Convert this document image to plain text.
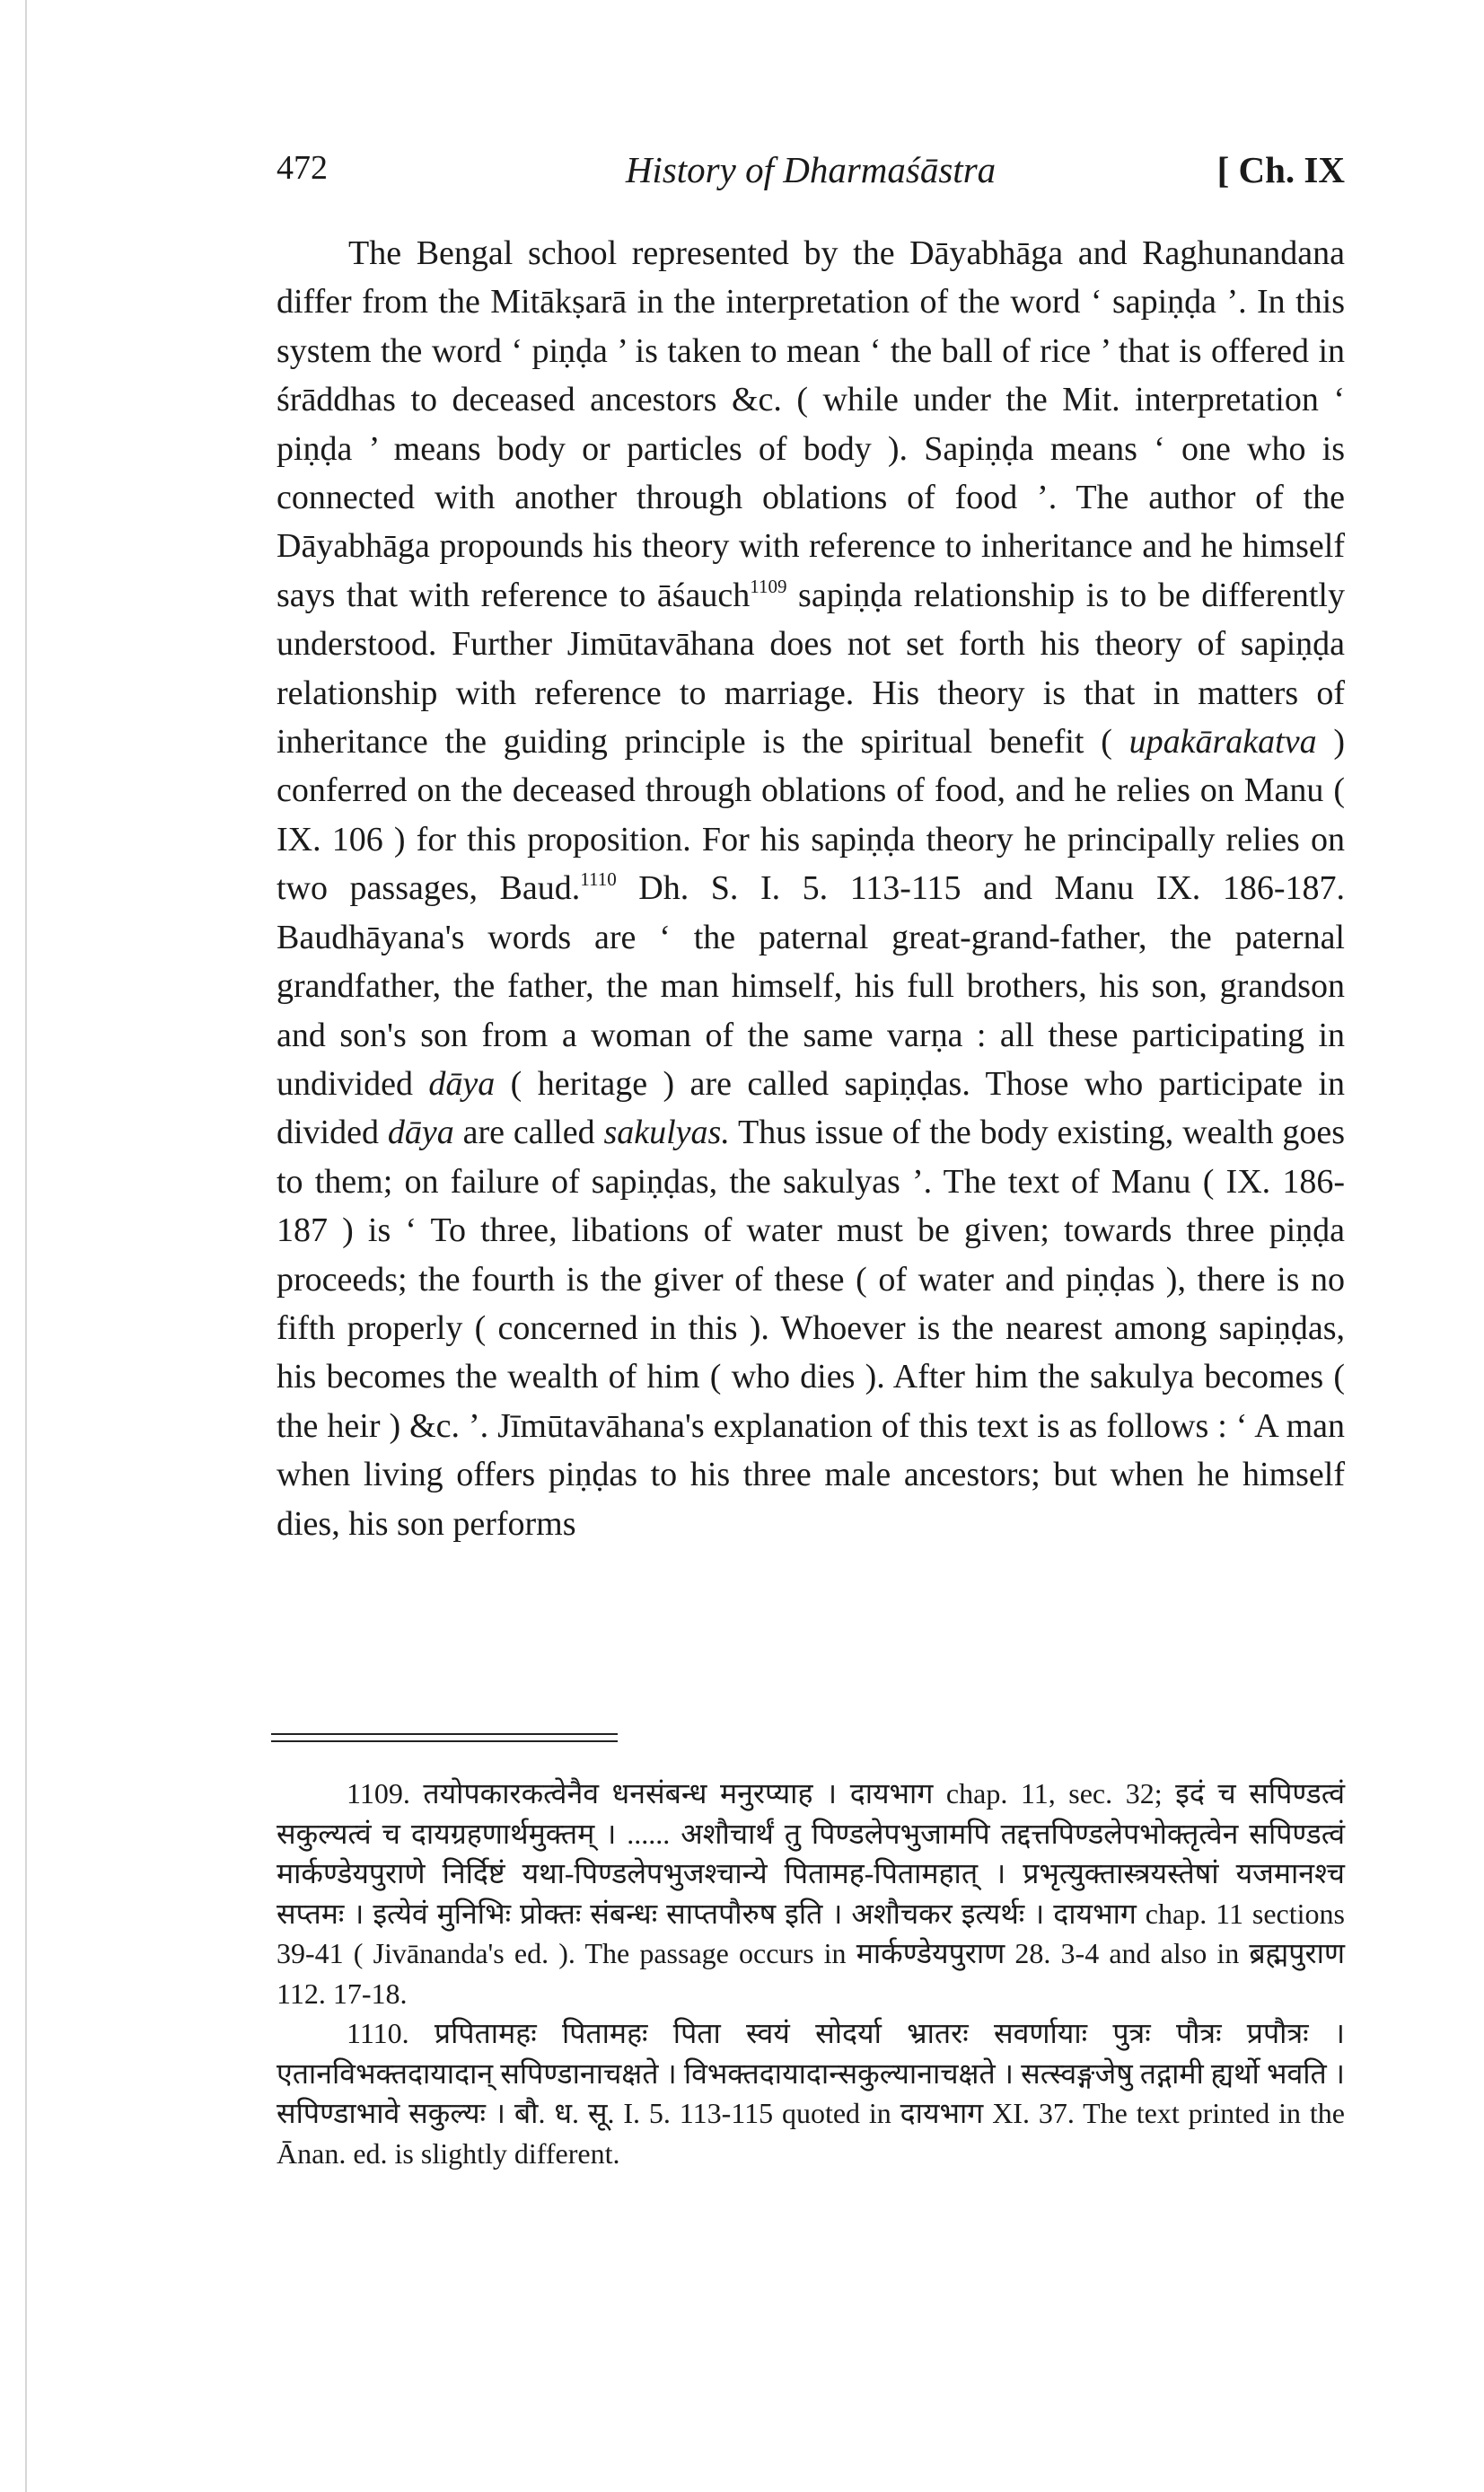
472	History of Dharmaśāstra	[ Ch. IX

The Bengal school represented by the Dāyabhāga and Raghunandana differ from the Mitākṣarā in the interpretation of the word ‘ sapiṇḍa ’. In this system the word ‘ piṇḍa ’ is taken to mean ‘ the ball of rice ’ that is offered in śrāddhas to deceased ancestors &c. ( while under the Mit. interpretation ‘ piṇḍa ’ means body or particles of body ). Sapiṇḍa means ‘ one who is connected with another through oblations of food ’. The author of the Dāyabhāga propounds his theory with reference to inheritance and he himself says that with reference to āśauch$^{1109}$ sapiṇḍa relationship is to be differently understood. Further Jimūtavāhana does not set forth his theory of sapiṇḍa relationship with reference to marriage. His theory is that in matters of inheritance the guiding principle is the spiritual benefit ( upakārakatva ) conferred on the deceased through oblations of food, and he relies on Manu ( IX. 106 ) for this proposition. For his sapiṇḍa theory he principally relies on two passages, Baud.$^{1110}$ Dh. S. I. 5. 113-115 and Manu IX. 186-187. Baudhāyana's words are ‘ the paternal great-grand-father, the paternal grandfather, the father, the man himself, his full brothers, his son, grandson and son's son from a woman of the same varṇa : all these participating in undivided dāya ( heritage ) are called sapiṇḍas. Those who participate in divided dāya are called sakulyas. Thus issue of the body existing, wealth goes to them; on failure of sapiṇḍas, the sakulyas ’. The text of Manu ( IX. 186-187 ) is ‘ To three, libations of water must be given; towards three piṇḍa proceeds; the fourth is the giver of these ( of water and piṇḍas ), there is no fifth properly ( concerned in this ). Whoever is the nearest among sapiṇḍas, his becomes the wealth of him ( who dies ). After him the sakulya becomes ( the heir ) &c. ’. Jīmūtavāhana's explanation of this text is as follows : ‘ A man when living offers piṇḍas to his three male ancestors; but when he himself dies, his son performs

1109. तयोपकारकत्वेनैव धनसंबन्ध मनुरप्याह । दायभाग chap. 11, sec. 32; इदं च सपिण्डत्वं सकुल्यत्वं च दायग्रहणार्थमुक्तम् । ...... अशौचार्थं तु पिण्डलेपभुजामपि तद्दत्तपिण्डलेपभोक्तृत्वेन सपिण्डत्वं मार्कण्डेयपुराणे निर्दिष्टं यथा-पिण्डलेपभुजश्चान्ये पितामह-पितामहात् । प्रभृत्युक्तास्त्रयस्तेषां यजमानश्च सप्तमः । इत्येवं मुनिभिः प्रोक्तः संबन्धः साप्तपौरुष इति । अशौचकर इत्यर्थः । दायभाग chap. 11 sections 39-41 ( Jivānanda's ed. ). The passage occurs in मार्कण्डेयपुराण 28. 3-4 and also in ब्रह्मपुराण 112. 17-18.

1110. प्रपितामहः पितामहः पिता स्वयं सोदर्या भ्रातरः सवर्णायाः पुत्रः पौत्रः प्रपौत्रः । एतानविभक्तदायादान् सपिण्डानाचक्षते । विभक्तदायादान्सकुल्यानाचक्षते । सत्स्वङ्गजेषु तद्गामी ह्यर्थो भवति । सपिण्डाभावे सकुल्यः । बौ. ध. सू. I. 5. 113-115 quoted in दायभाग XI. 37. The text printed in the Ānan. ed. is slightly different.
